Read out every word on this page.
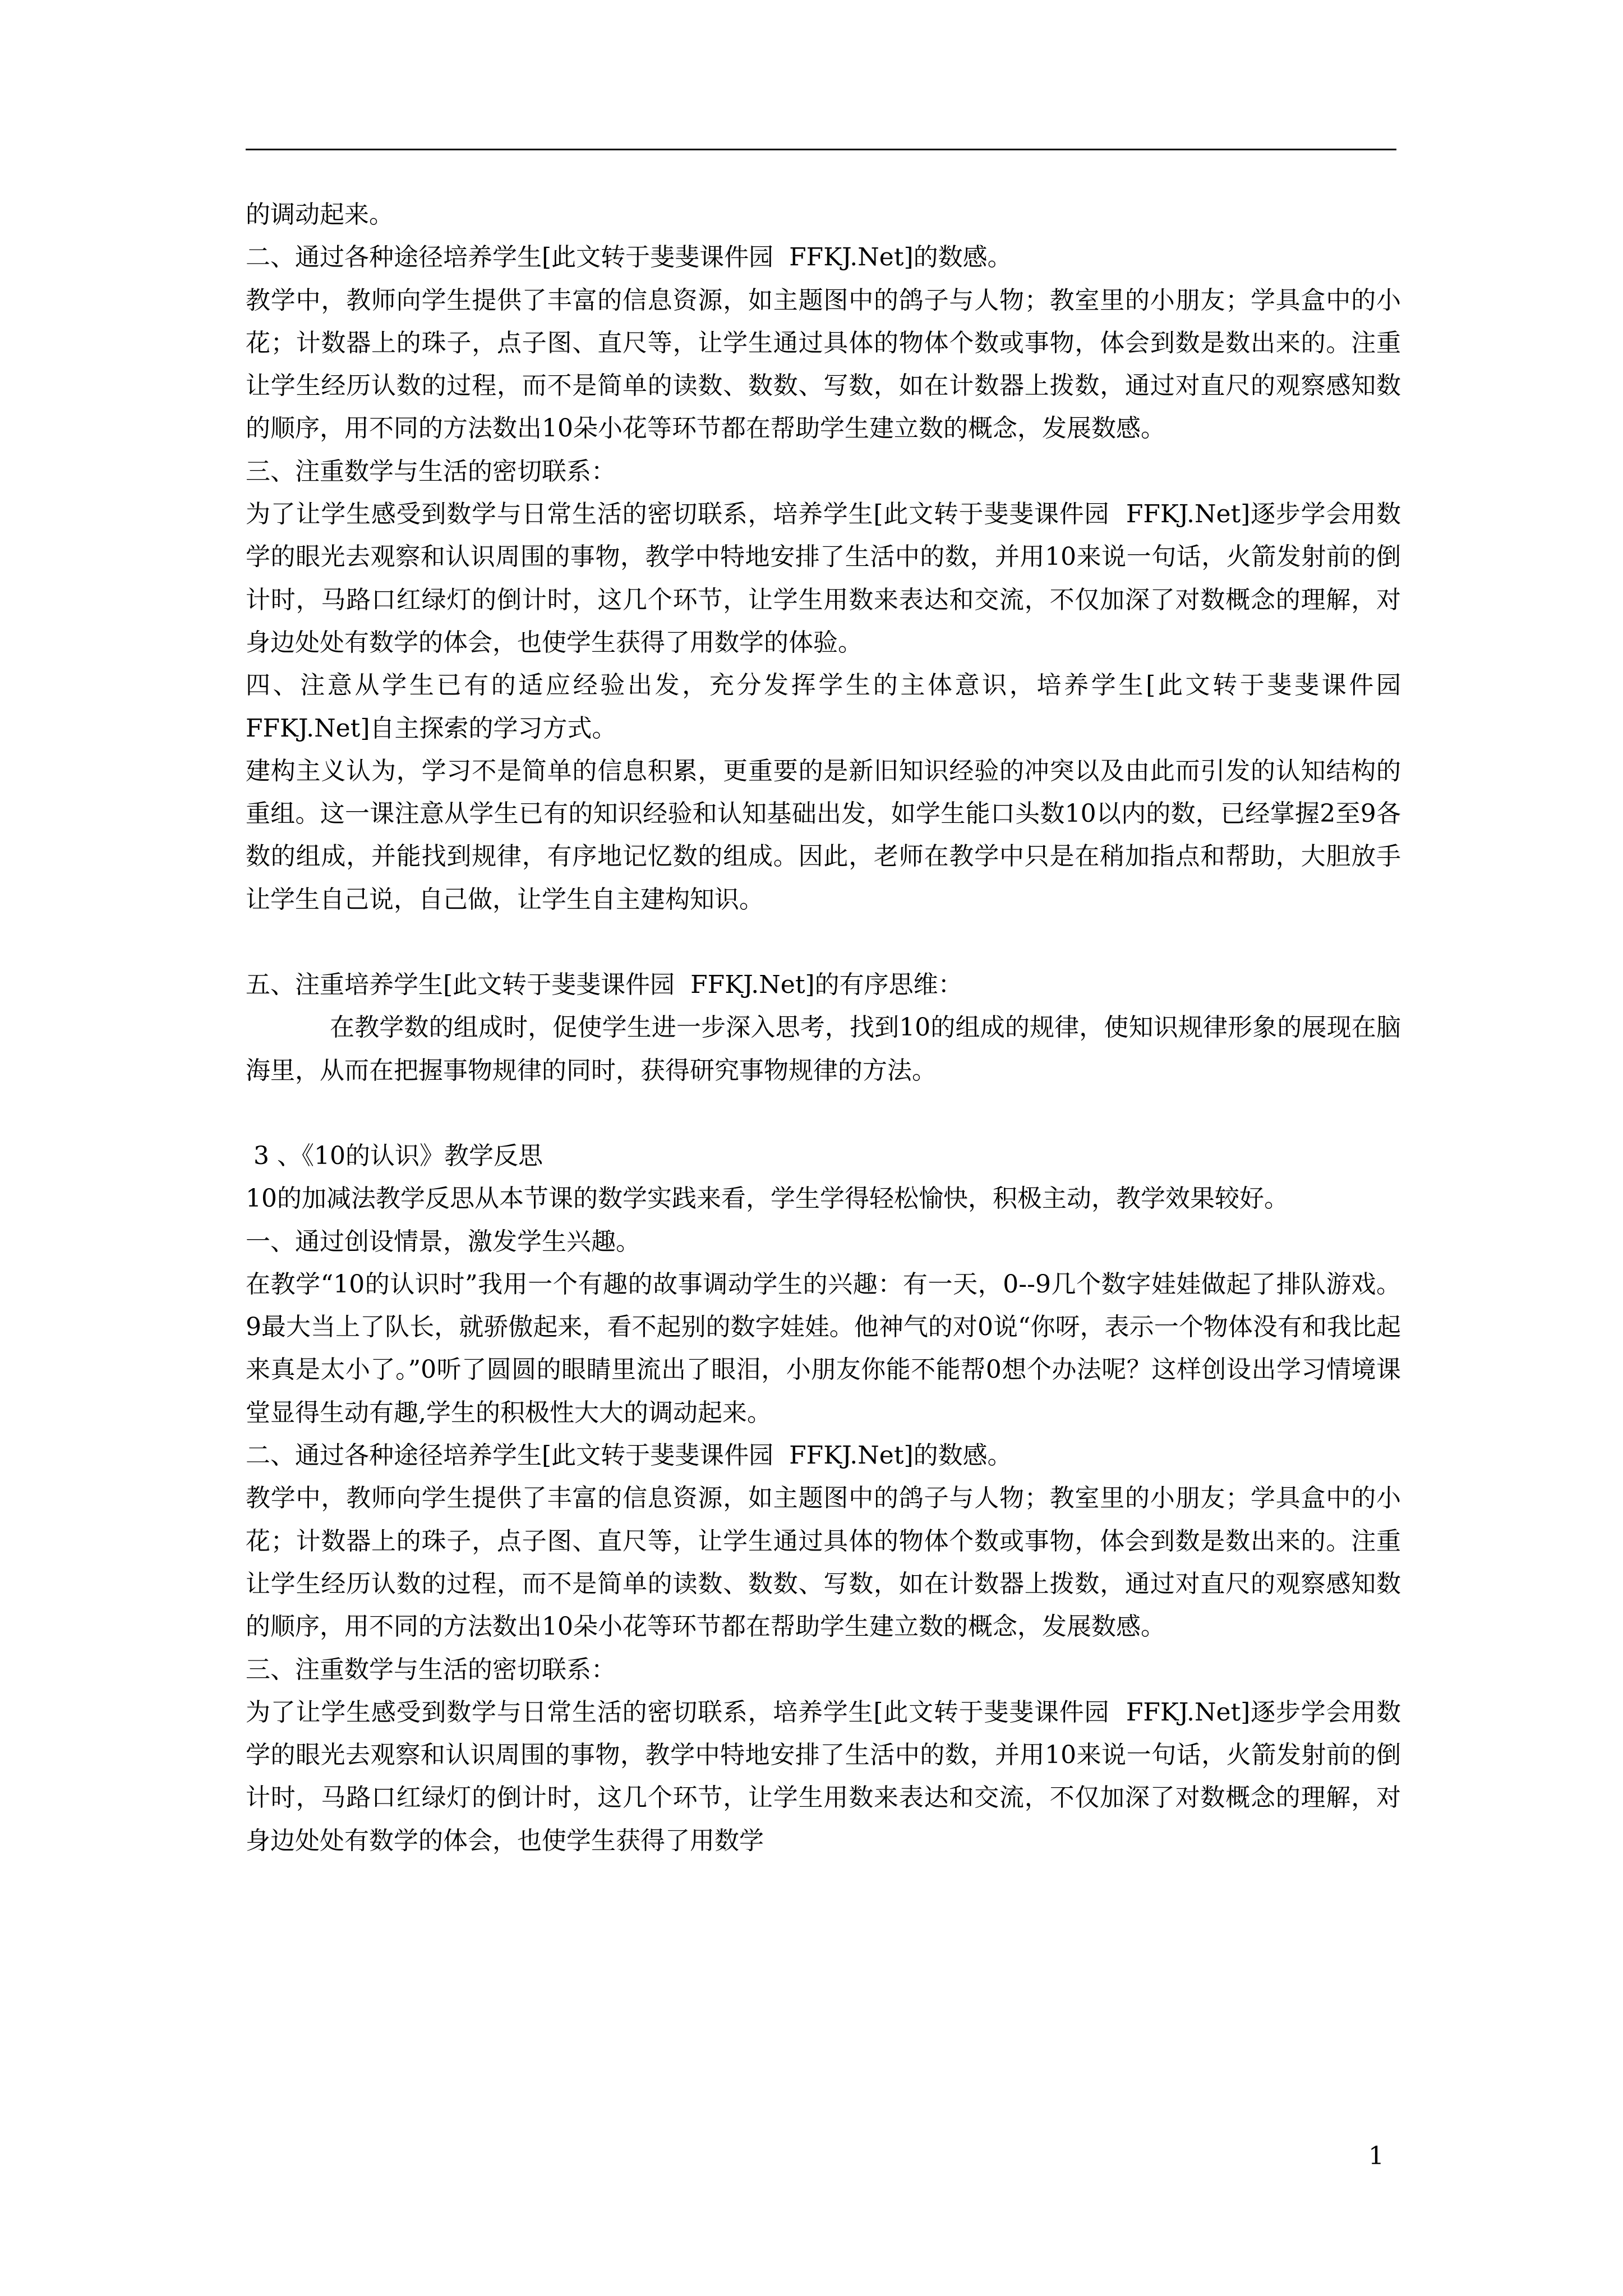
的调动起来。

二、通过各种途径培养学生[此文转于斐斐课件园  FFKJ.Net]的数感。

教学中，教师向学生提供了丰富的信息资源，如主题图中的鸽子与人物；教室里的小朋友；学具盒中的小花；计数器上的珠子，点子图、直尺等，让学生通过具体的物体个数或事物，体会到数是数出来的。注重让学生经历认数的过程，而不是简单的读数、数数、写数，如在计数器上拨数，通过对直尺的观察感知数的顺序，用不同的方法数出10朵小花等环节都在帮助学生建立数的概念，发展数感。

三、注重数学与生活的密切联系：

为了让学生感受到数学与日常生活的密切联系，培养学生[此文转于斐斐课件园  FFKJ.Net]逐步学会用数学的眼光去观察和认识周围的事物，教学中特地安排了生活中的数，并用10来说一句话，火箭发射前的倒计时，马路口红绿灯的倒计时，这几个环节，让学生用数来表达和交流，不仅加深了对数概念的理解，对身边处处有数学的体会，也使学生获得了用数学的体验。

四、注意从学生已有的适应经验出发，充分发挥学生的主体意识，培养学生[此文转于斐斐课件园  FFKJ.Net]自主探索的学习方式。

建构主义认为，学习不是简单的信息积累，更重要的是新旧知识经验的冲突以及由此而引发的认知结构的重组。这一课注意从学生已有的知识经验和认知基础出发，如学生能口头数10以内的数，已经掌握2至9各数的组成，并能找到规律，有序地记忆数的组成。因此，老师在教学中只是在稍加指点和帮助，大胆放手让学生自己说，自己做，让学生自主建构知识。

五、注重培养学生[此文转于斐斐课件园  FFKJ.Net]的有序思维：

在教学数的组成时，促使学生进一步深入思考，找到10的组成的规律，使知识规律形象的展现在脑海里，从而在把握事物规律的同时，获得研究事物规律的方法。

3 、《10的认识》教学反思

10的加减法教学反思从本节课的数学实践来看，学生学得轻松愉快，积极主动，教学效果较好。

一、通过创设情景，激发学生兴趣。

在教学“10的认识时”我用一个有趣的故事调动学生的兴趣：有一天，0--9几个数字娃娃做起了排队游戏。9最大当上了队长，就骄傲起来，看不起别的数字娃娃。他神气的对0说“你呀，表示一个物体没有和我比起来真是太小了。”0听了圆圆的眼睛里流出了眼泪，小朋友你能不能帮0想个办法呢？这样创设出学习情境课堂显得生动有趣,学生的积极性大大的调动起来。

二、通过各种途径培养学生[此文转于斐斐课件园  FFKJ.Net]的数感。

教学中，教师向学生提供了丰富的信息资源，如主题图中的鸽子与人物；教室里的小朋友；学具盒中的小花；计数器上的珠子，点子图、直尺等，让学生通过具体的物体个数或事物，体会到数是数出来的。注重让学生经历认数的过程，而不是简单的读数、数数、写数，如在计数器上拨数，通过对直尺的观察感知数的顺序，用不同的方法数出10朵小花等环节都在帮助学生建立数的概念，发展数感。

三、注重数学与生活的密切联系：

为了让学生感受到数学与日常生活的密切联系，培养学生[此文转于斐斐课件园  FFKJ.Net]逐步学会用数学的眼光去观察和认识周围的事物，教学中特地安排了生活中的数，并用10来说一句话，火箭发射前的倒计时，马路口红绿灯的倒计时，这几个环节，让学生用数来表达和交流，不仅加深了对数概念的理解，对身边处处有数学的体会，也使学生获得了用数学

1
